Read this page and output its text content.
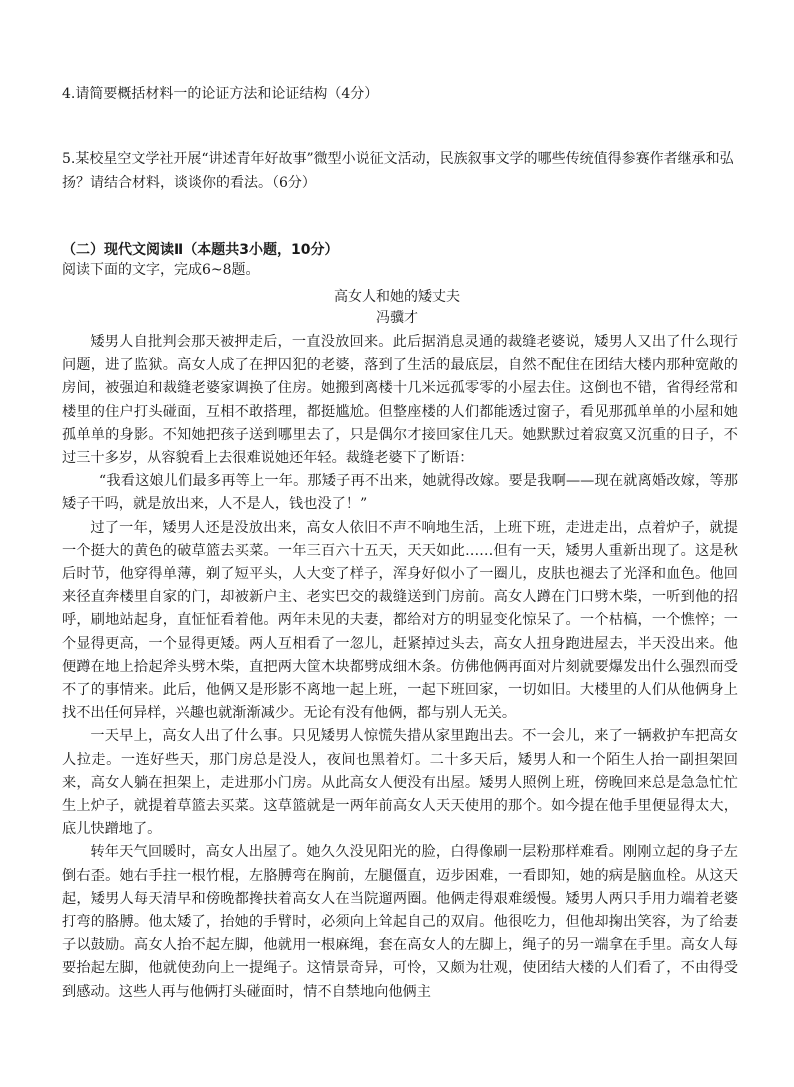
4.请简要概括材料一的论证方法和论证结构（4分）
5.某校星空文学社开展“讲述青年好故事”微型小说征文活动，民族叙事文学的哪些传统值得参赛作者继承和弘扬？请结合材料，谈谈你的看法。（6分）
（二）现代文阅读Ⅱ（本题共3小题，10分）
阅读下面的文字，完成6~8题。
高女人和她的矮丈夫
冯骥才

矮男人自批判会那天被押走后，一直没放回来。此后据消息灵通的裁缝老婆说，矮男人又出了什么现行问题，进了监狱。高女人成了在押囚犯的老婆，落到了生活的最底层，自然不配住在团结大楼内那种宽敞的房间，被强迫和裁缝老婆家调换了住房。她搬到离楼十几米远孤零零的小屋去住。这倒也不错，省得经常和楼里的住户打头碰面，互相不敢搭理，都挺尴尬。但整座楼的人们都能透过窗子，看见那孤单单的小屋和她孤单单的身影。不知她把孩子送到哪里去了，只是偶尔才接回家住几天。她默默过着寂寞又沉重的日子，不过三十多岁，从容貌看上去很难说她还年轻。裁缝老婆下了断语：

“我看这娘儿们最多再等上一年。那矮子再不出来，她就得改嫁。要是我啊——现在就离婚改嫁，等那矮子干吗，就是放出来，人不是人，钱也没了！”

过了一年，矮男人还是没放出来，高女人依旧不声不响地生活，上班下班，走进走出，点着炉子，就提一个挺大的黄色的破草篮去买菜。一年三百六十五天，天天如此……但有一天，矮男人重新出现了。这是秋后时节，他穿得单薄，剃了短平头，人大变了样子，浑身好似小了一圈儿，皮肤也褪去了光泽和血色。他回来径直奔楼里自家的门，却被新户主、老实巴交的裁缝送到门房前。高女人蹲在门口劈木柴，一听到他的招呼，刷地站起身，直怔怔看着他。两年未见的夫妻，都给对方的明显变化惊呆了。一个枯槁，一个憔悴；一个显得更高，一个显得更矮。两人互相看了一忽儿，赶紧掉过头去，高女人扭身跑进屋去，半天没出来。他便蹲在地上拾起斧头劈木柴，直把两大筐木块都劈成细木条。仿佛他俩再面对片刻就要爆发出什么强烈而受不了的事情来。此后，他俩又是形影不离地一起上班，一起下班回家，一切如旧。大楼里的人们从他俩身上找不出任何异样，兴趣也就渐渐减少。无论有没有他俩，都与别人无关。

一天早上，高女人出了什么事。只见矮男人惊慌失措从家里跑出去。不一会儿，来了一辆救护车把高女人拉走。一连好些天，那门房总是没人，夜间也黑着灯。二十多天后，矮男人和一个陌生人抬一副担架回来，高女人躺在担架上，走进那小门房。从此高女人便没有出屋。矮男人照例上班，傍晚回来总是急急忙忙生上炉子，就提着草篮去买菜。这草篮就是一两年前高女人天天使用的那个。如今提在他手里便显得太大，底儿快蹭地了。

转年天气回暖时，高女人出屋了。她久久没见阳光的脸，白得像刷一层粉那样难看。刚刚立起的身子左倒右歪。她右手拄一根竹棍，左胳膊弯在胸前，左腿僵直，迈步困难，一看即知，她的病是脑血栓。从这天起，矮男人每天清早和傍晚都搀扶着高女人在当院遛两圈。他俩走得艰难缓慢。矮男人两只手用力端着老婆打弯的胳膊。他太矮了，抬她的手臂时，必须向上耸起自己的双肩。他很吃力，但他却掬出笑容，为了给妻子以鼓励。高女人抬不起左脚，他就用一根麻绳，套在高女人的左脚上，绳子的另一端拿在手里。高女人每要抬起左脚，他就使劲向上一提绳子。这情景奇异，可怜，又颇为壮观，使团结大楼的人们看了，不由得受到感动。这些人再与他俩打头碰面时，情不自禁地向他俩主
